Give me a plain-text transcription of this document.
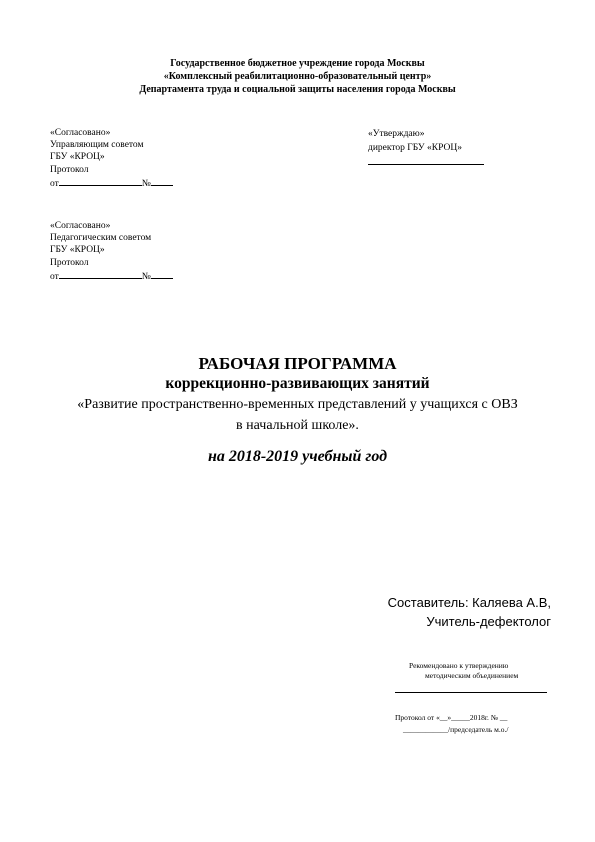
Государственное бюджетное учреждение города Москвы
«Комплексный реабилитационно-образовательный центр»
Департамента труда и социальной защиты населения города Москвы
«Согласовано»
Управляющим советом
ГБУ «КРОЦ»
Протокол
от	№
«Утверждаю»
директор ГБУ «КРОЦ»
«Согласовано»
Педагогическим советом
ГБУ «КРОЦ»
Протокол
от	№
РАБОЧАЯ ПРОГРАММА
коррекционно-развивающих занятий
«Развитие пространственно-временных представлений у учащихся с ОВЗ
в начальной школе».
на 2018-2019 учебный год
Составитель: Каляева А.В,
Учитель-дефектолог
Рекомендовано к утверждению
методическим объединением
Протокол от «__»_____2018г. № __
____________/председатель м.о./
